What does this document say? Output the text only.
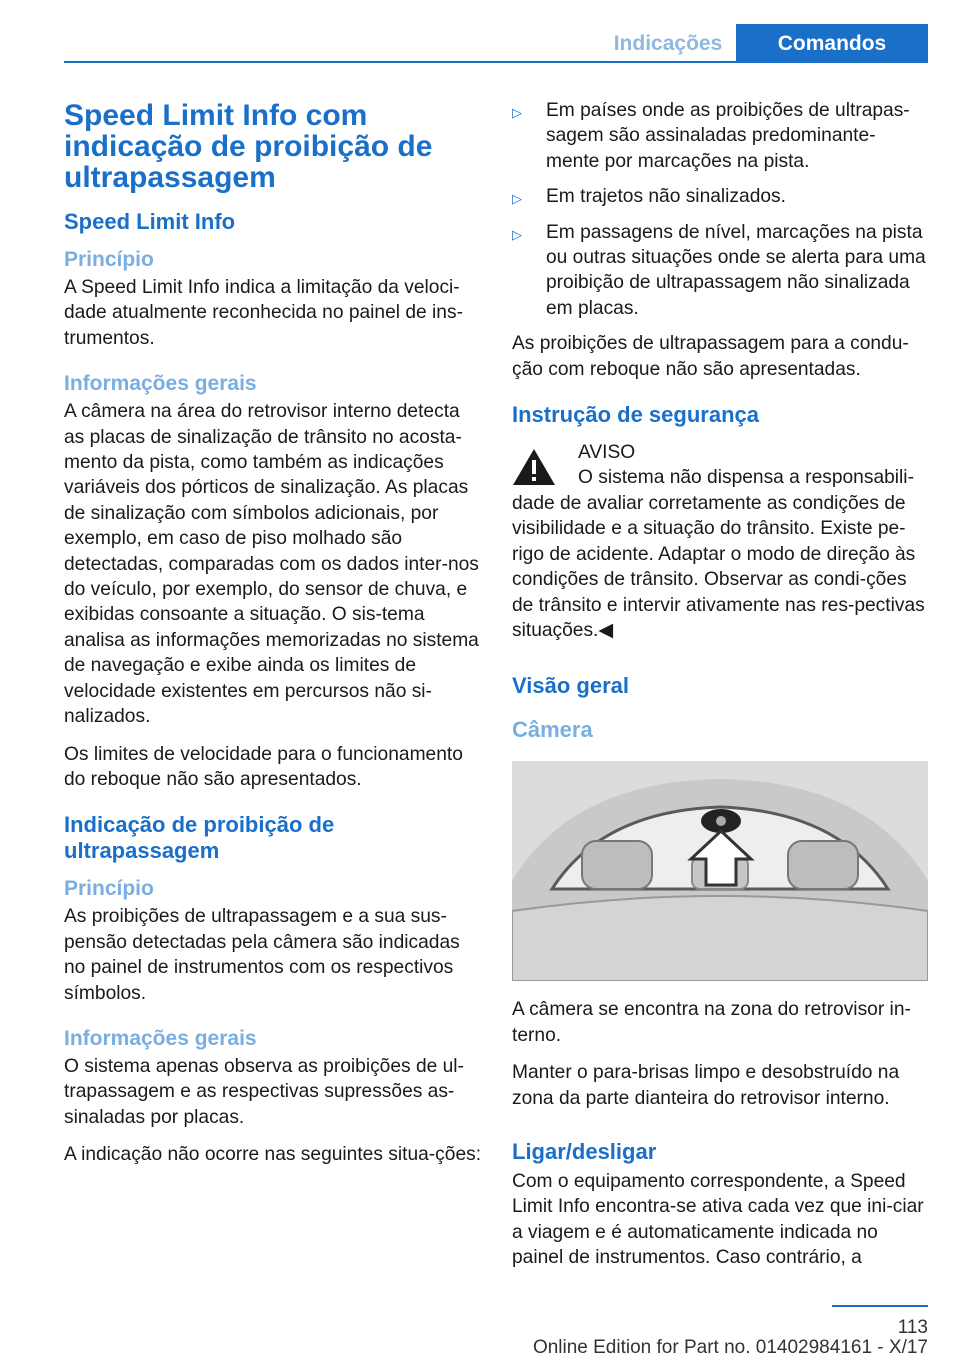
Indicações	Comandos
Speed Limit Info com indicação de proibição de ultrapassagem
Speed Limit Info
Princípio
A Speed Limit Info indica a limitação da veloci-dade atualmente reconhecida no painel de ins-trumentos.
Informações gerais
A câmera na área do retrovisor interno detecta as placas de sinalização de trânsito no acosta-mento da pista, como também as indicações variáveis dos pórticos de sinalização. As placas de sinalização com símbolos adicionais, por exemplo, em caso de piso molhado são detectadas, comparadas com os dados inter-nos do veículo, por exemplo, do sensor de chuva, e exibidas consoante a situação. O sis-tema analisa as informações memorizadas no sistema de navegação e exibe ainda os limites de velocidade existentes em percursos não si-nalizados.
Os limites de velocidade para o funcionamento do reboque não são apresentados.
Indicação de proibição de ultrapassagem
Princípio
As proibições de ultrapassagem e a sua sus-pensão detectadas pela câmera são indicadas no painel de instrumentos com os respectivos símbolos.
Informações gerais
O sistema apenas observa as proibições de ul-trapassagem e as respectivas supressões as-sinaladas por placas.
A indicação não ocorre nas seguintes situa-ções:
▷ Em países onde as proibições de ultrapas-sagem são assinaladas predominante-mente por marcações na pista.
▷ Em trajetos não sinalizados.
▷ Em passagens de nível, marcações na pista ou outras situações onde se alerta para uma proibição de ultrapassagem não sinalizada em placas.
As proibições de ultrapassagem para a condu-ção com reboque não são apresentadas.
Instrução de segurança
AVISO
O sistema não dispensa a responsabili-
dade de avaliar corretamente as condições de visibilidade e a situação do trânsito. Existe pe-rigo de acidente. Adaptar o modo de direção às condições de trânsito. Observar as condi-ções de trânsito e intervir ativamente nas res-pectivas situações.◀
Visão geral
Câmera
A câmera se encontra na zona do retrovisor in-terno.
Manter o para-brisas limpo e desobstruído na zona da parte dianteira do retrovisor interno.
Ligar/desligar
Com o equipamento correspondente, a Speed Limit Info encontra-se ativa cada vez que ini-ciar a viagem e é automaticamente indicada no painel de instrumentos. Caso contrário, a
113
Online Edition for Part no. 01402984161 - X/17
